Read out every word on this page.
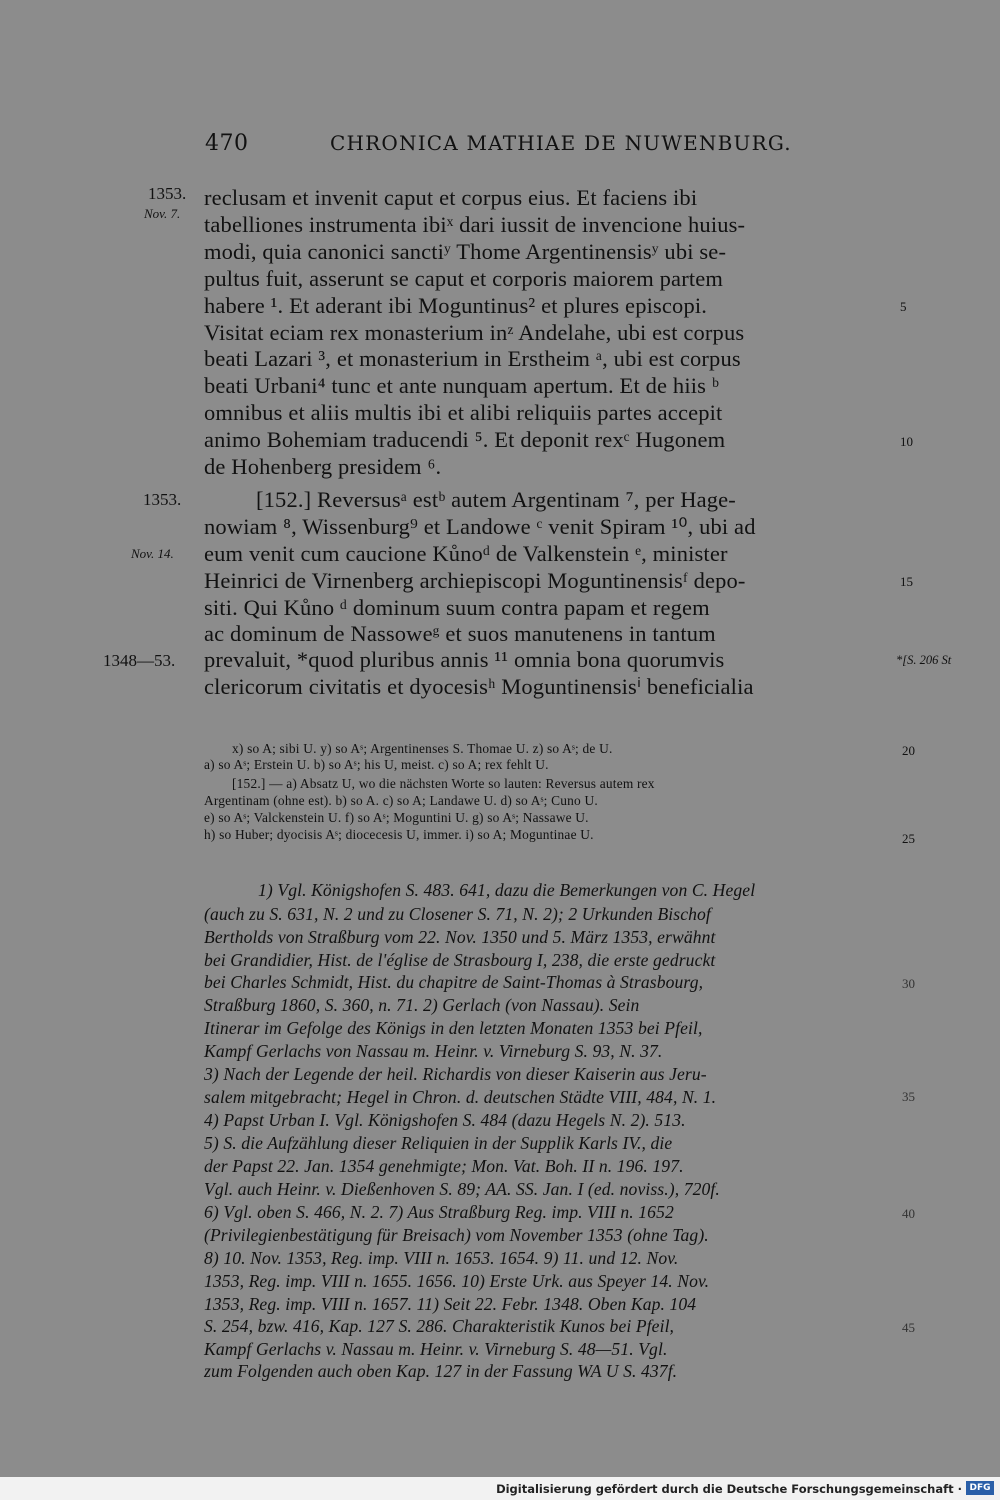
470	CHRONICA MATHIAE DE NUWENBURG.
1353.
Nov. 7.
1353.
Nov. 14.
1348—53.	*[S. 206 St
reclusam et invenit caput et corpus eius. Et faciens ibi
tabelliones instrumenta ibiˣ dari iussit de invencione huius-
modi, quia canonici sanctiʸ Thome Argentinensisʸ ubi se-
pultus fuit, asserunt se caput et corporis maiorem partem
habere ¹. Et aderant ibi Moguntinus² et plures episcopi.
Visitat eciam rex monasterium inᶻ Andelahe, ubi est corpus
beati Lazari ³, et monasterium in Erstheim ᵃ, ubi est corpus
beati Urbani⁴ tunc et ante nunquam apertum. Et de hiis ᵇ
omnibus et aliis multis ibi et alibi reliquiis partes accepit
animo Bohemiam traducendi ⁵. Et deponit rexᶜ Hugonem
de Hohenberg presidem ⁶.
[152.] Reversusᵃ estᵇ autem Argentinam ⁷, per Hage-
nowiam ⁸, Wissenburg⁹ et Landowe ᶜ venit Spiram ¹⁰, ubi ad
eum venit cum caucione Kůnoᵈ de Valkenstein ᵉ, minister
Heinrici de Virnenberg archiepiscopi Moguntinensisᶠ depo-
siti. Qui Kůno ᵈ dominum suum contra papam et regem
ac dominum de Nassoweᵍ et suos manutenens in tantum
prevaluit, *quod pluribus annis ¹¹ omnia bona quorumvis
clericorum civitatis et dyocesisʰ Moguntinensisⁱ beneficialia
5
10
15
x) so A; sibi U. y) so Aˢ; Argentinenses S. Thomae U. z) so Aˢ; de U.
a) so Aˢ; Erstein U. b) so Aˢ; his U, meist. c) so A; rex fehlt U.
[152.] — a) Absatz U, wo die nächsten Worte so lauten: Reversus autem rex
Argentinam (ohne est). b) so A. c) so A; Landawe U. d) so Aˢ; Cuno U.
e) so Aˢ; Valckenstein U. f) so Aˢ; Moguntini U. g) so Aˢ; Nassawe U.
h) so Huber; dyocisis Aˢ; diocecesis U, immer. i) so A; Moguntinae U.
20
25
1) Vgl. Königshofen S. 483. 641, dazu die Bemerkungen von C. Hegel
(auch zu S. 631, N. 2 und zu Closener S. 71, N. 2); 2 Urkunden Bischof
Bertholds von Straßburg vom 22. Nov. 1350 und 5. März 1353, erwähnt
bei Grandidier, Hist. de l'église de Strasbourg I, 238, die erste gedruckt
bei Charles Schmidt, Hist. du chapitre de Saint-Thomas à Strasbourg,
Straßburg 1860, S. 360, n. 71. 2) Gerlach (von Nassau). Sein
Itinerar im Gefolge des Königs in den letzten Monaten 1353 bei Pfeil,
Kampf Gerlachs von Nassau m. Heinr. v. Virneburg S. 93, N. 37.
3) Nach der Legende der heil. Richardis von dieser Kaiserin aus Jeru-
salem mitgebracht; Hegel in Chron. d. deutschen Städte VIII, 484, N. 1.
4) Papst Urban I. Vgl. Königshofen S. 484 (dazu Hegels N. 2). 513.
5) S. die Aufzählung dieser Reliquien in der Supplik Karls IV., die
der Papst 22. Jan. 1354 genehmigte; Mon. Vat. Boh. II n. 196. 197.
Vgl. auch Heinr. v. Dießenhoven S. 89; AA. SS. Jan. I (ed. noviss.), 720f.
6) Vgl. oben S. 466, N. 2. 7) Aus Straßburg Reg. imp. VIII n. 1652
(Privilegienbestätigung für Breisach) vom November 1353 (ohne Tag).
8) 10. Nov. 1353, Reg. imp. VIII n. 1653. 1654. 9) 11. und 12. Nov.
1353, Reg. imp. VIII n. 1655. 1656. 10) Erste Urk. aus Speyer 14. Nov.
1353, Reg. imp. VIII n. 1657. 11) Seit 22. Febr. 1348. Oben Kap. 104
S. 254, bzw. 416, Kap. 127 S. 286. Charakteristik Kunos bei Pfeil,
Kampf Gerlachs v. Nassau m. Heinr. v. Virneburg S. 48—51. Vgl.
zum Folgenden auch oben Kap. 127 in der Fassung WA U S. 437f.
30
35
40
45
Digitalisierung gefördert durch die Deutsche Forschungsgemeinschaft · DFG
